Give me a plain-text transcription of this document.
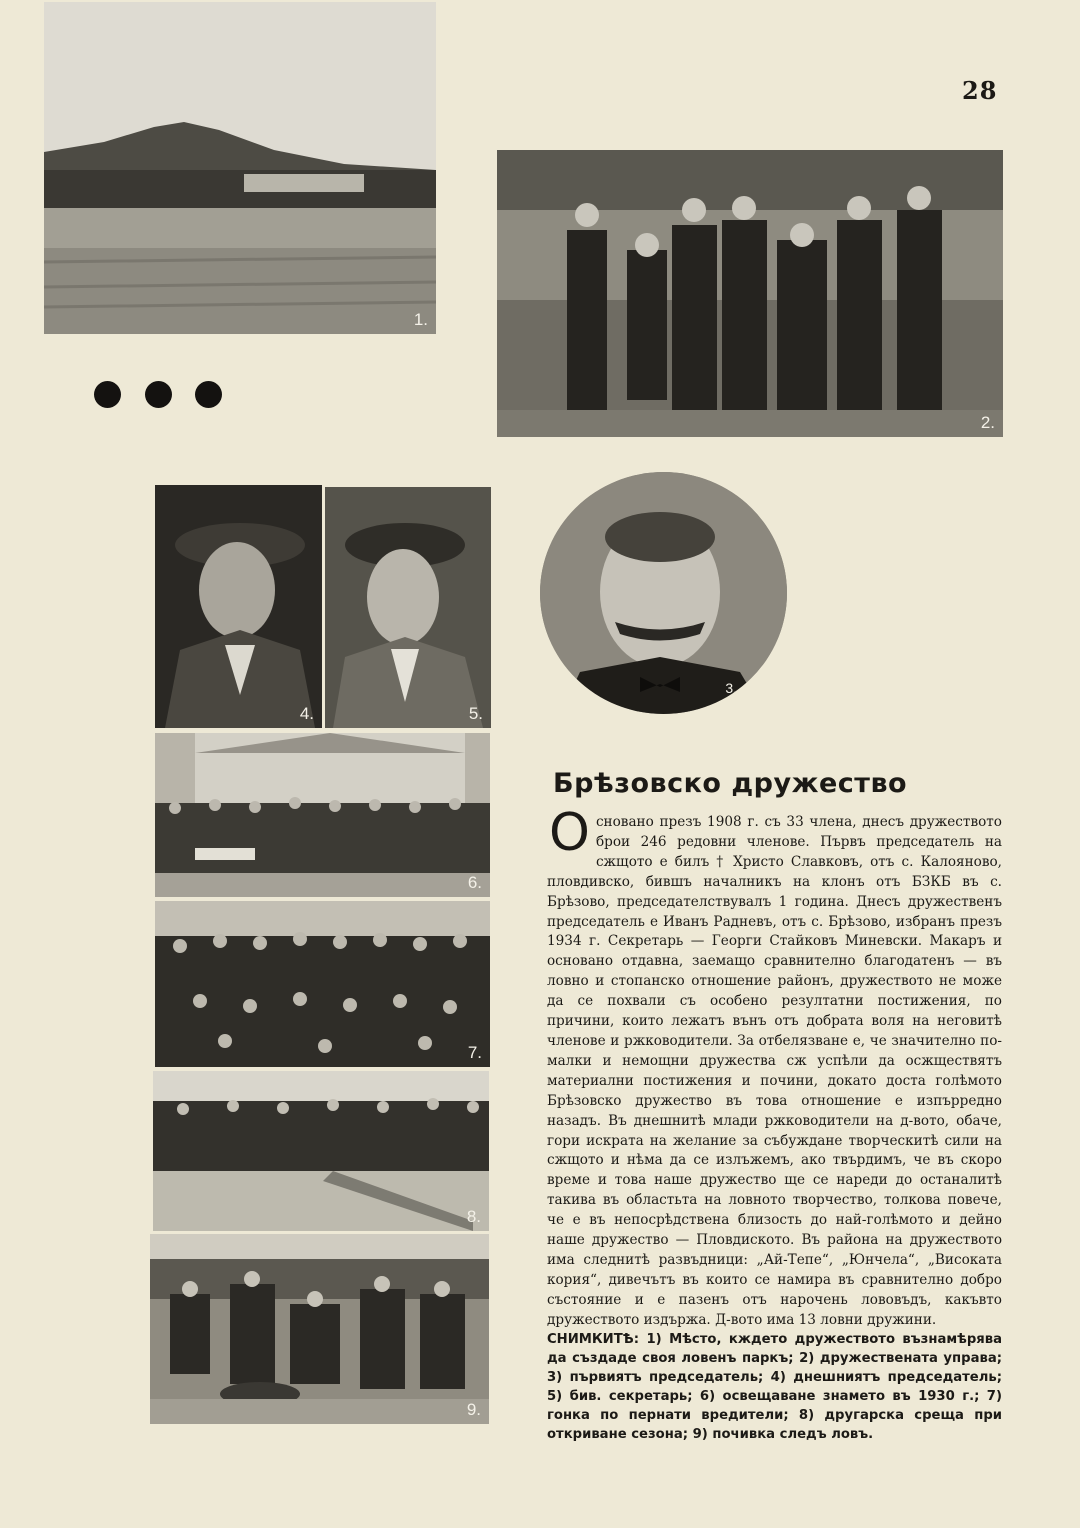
28
1.
2.
4.	5.
3.
6.
7.
8.
9.
Брѣзовско дружество
Основано презъ 1908 г. съ 33 члена, днесъ дружеството брои 246 редовни членове. Първъ председатель на сжщото е билъ † Христо Славковъ, отъ с. Калояново, пловдивско, бившъ началникъ на клонъ отъ БЗКБ въ с. Брѣзово, председателствувалъ 1 година. Днесъ дружественъ председатель е Иванъ Радневъ, отъ с. Брѣзово, избранъ презъ 1934 г. Секретарь — Георги Стайковъ Миневски. Макаръ и основано отдавна, заемащо сравнително благодатенъ — въ ловно и стопанско отношение районъ, дружеството не може да се похвали съ особено резултатни постижения, по причини, които лежатъ вънъ отъ добрата воля на неговитѣ членове и ржководители. За отбелязване е, че значително по-малки и немощни дружества сж успѣли да осжществятъ материални постижения и почини, докато доста голѣмото Брѣзовско дружество въ това отношение е изпърредно назадъ. Въ днешнитѣ млади ржководители на д-вото, обаче, гори искрата на желание за събуждане творческитѣ сили на сжщото и нѣма да се излъжемъ, ако твърдимъ, че въ скоро време и това наше дружество ще се нареди до останалитѣ такива въ областьта на ловното творчество, толкова повече, че е въ непосрѣдствена близость до най-голѣмото и дейно наше дружество — Пловдиското. Въ района на дружеството има следнитѣ развъдници: „Ай-Тепе“, „Юнчела“, „Високата кория“, дивечътъ въ които се намира въ сравнително добро състояние и е пазенъ отъ нарочень лововъдъ, какъвто дружеството издържа. Д-вото има 13 ловни дружини.
СНИМКИТѢ: 1) Мѣсто, кждето дружеството възнамѣрява да създаде своя ловенъ паркъ; 2) дружествената управа; 3) първиятъ председатель; 4) днешниятъ председатель; 5) бив. секретарь; 6) освещаване знамето въ 1930 г.; 7) гонка по пернати вредители; 8) другарска среща при откриване сезона; 9) почивка следъ ловъ.
